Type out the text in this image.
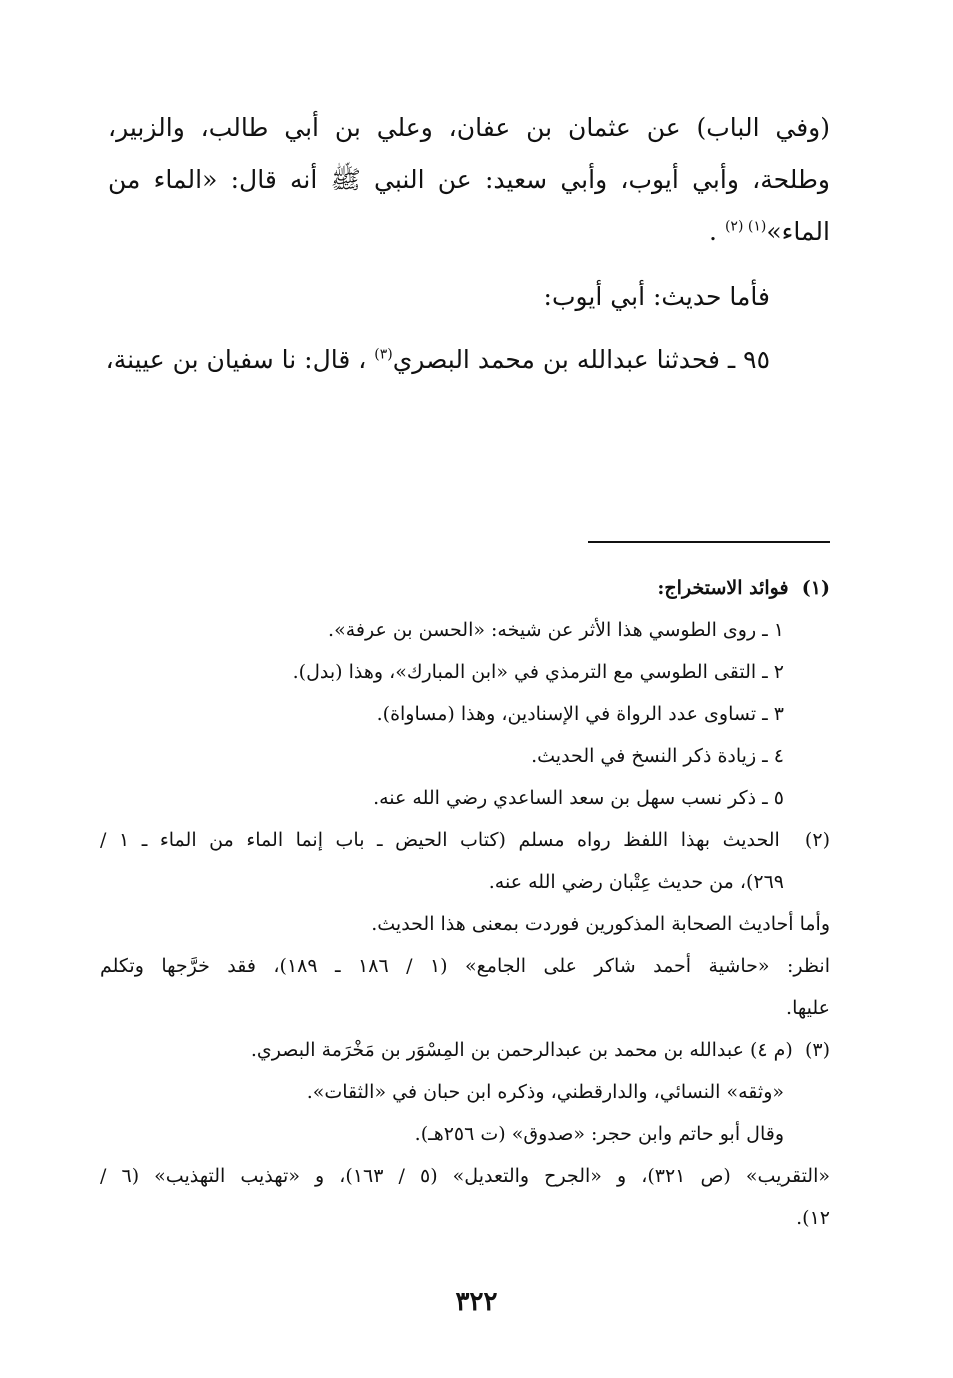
(وفي الباب) عن عثمان بن عفان، وعلي بن أبي طالب، والزبير،
وطلحة، وأبي أيوب، وأبي سعيد: عن النبي ﷺ أنه قال: «الماء من
الماء»$^{(١) (٢)}$ .
فأما حديث: أبي أيوب:
٩٥ ـ فحدثنا عبدالله بن محمد البصري$^{(٣)}$ ، قال: نا سفيان بن عيينة،
(١)  فوائد الاستخراج:
١ ـ روى الطوسي هذا الأثر عن شيخه: «الحسن بن عرفة».
٢ ـ التقى الطوسي مع الترمذي في «ابن المبارك»، وهذا (بدل).
٣ ـ تساوى عدد الرواة في الإسنادين، وهذا (مساواة).
٤ ـ زيادة ذكر النسخ في الحديث.
٥ ـ ذكر نسب سهل بن سعد الساعدي رضي الله عنه.
(٢)  الحديث بهذا اللفظ رواه مسلم (كتاب الحيض ـ باب إنما الماء من الماء ـ ١ /
٢٦٩)، من حديث عِتْبان رضي الله عنه.
وأما أحاديث الصحابة المذكورين فوردت بمعنى هذا الحديث.
انظر: «حاشية أحمد شاكر على الجامع» (١ / ١٨٦ ـ ١٨٩)، فقد خرَّجها وتكلم
عليها.
(٣)  (م ٤) عبدالله بن محمد بن عبدالرحمن بن المِسْوَر بن مَخْرَمة البصري.
«وثقه» النسائي، والدارقطني، وذكره ابن حبان في «الثقات».
وقال أبو حاتم وابن حجر: «صدوق» (ت ٢٥٦هـ).
«التقريب» (ص ٣٢١)، و «الجرح والتعديل» (٥ / ١٦٣)، و «تهذيب التهذيب» (٦ /
١٢).
٣٢٢
